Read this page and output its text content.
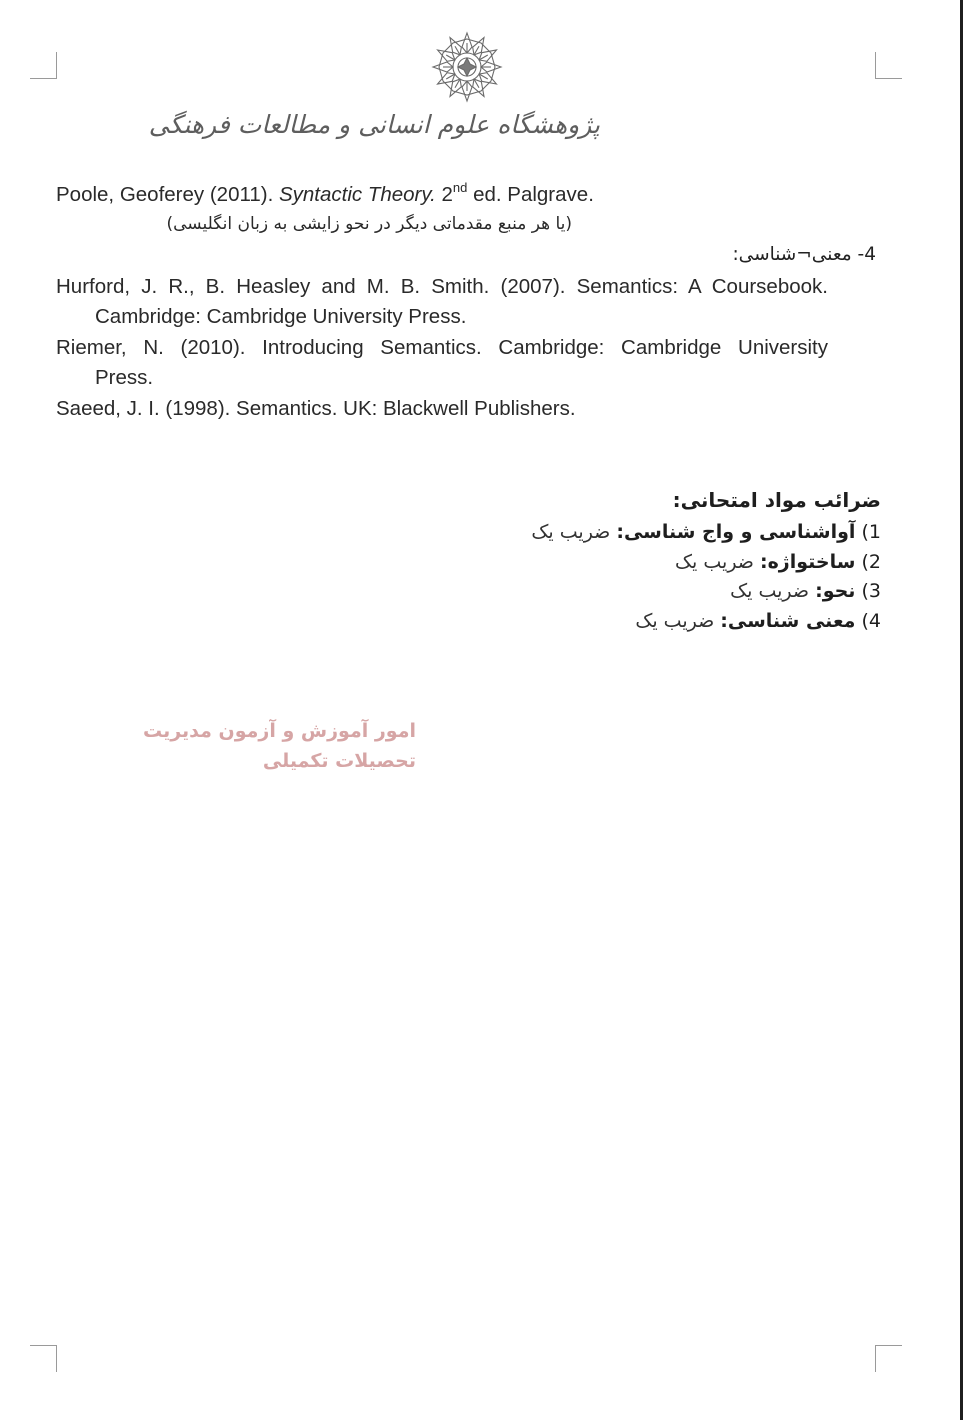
پژوهشگاه علوم انسانی و مطالعات فرهنگی
Poole, Geoferey (2011). Syntactic Theory. 2nd ed. Palgrave.
(یا هر منبع مقدماتی دیگر در نحو زایشی به زبان انگلیسی)
4- معنی¬شناسی:
Hurford, J. R., B. Heasley and M. B. Smith. (2007). Semantics: A Coursebook.
Cambridge: Cambridge University Press.
Riemer, N. (2010). Introducing Semantics. Cambridge: Cambridge University
Press.
Saeed, J. I. (1998). Semantics. UK: Blackwell Publishers.
ضرائب مواد امتحانی:
1) آواشناسی و واج شناسی: ضریب یک
2) ساختواژه: ضریب یک
3) نحو: ضریب یک
4) معنی شناسی: ضریب یک
امور آموزش و آزمون مدیریت تحصیلات تکمیلی
